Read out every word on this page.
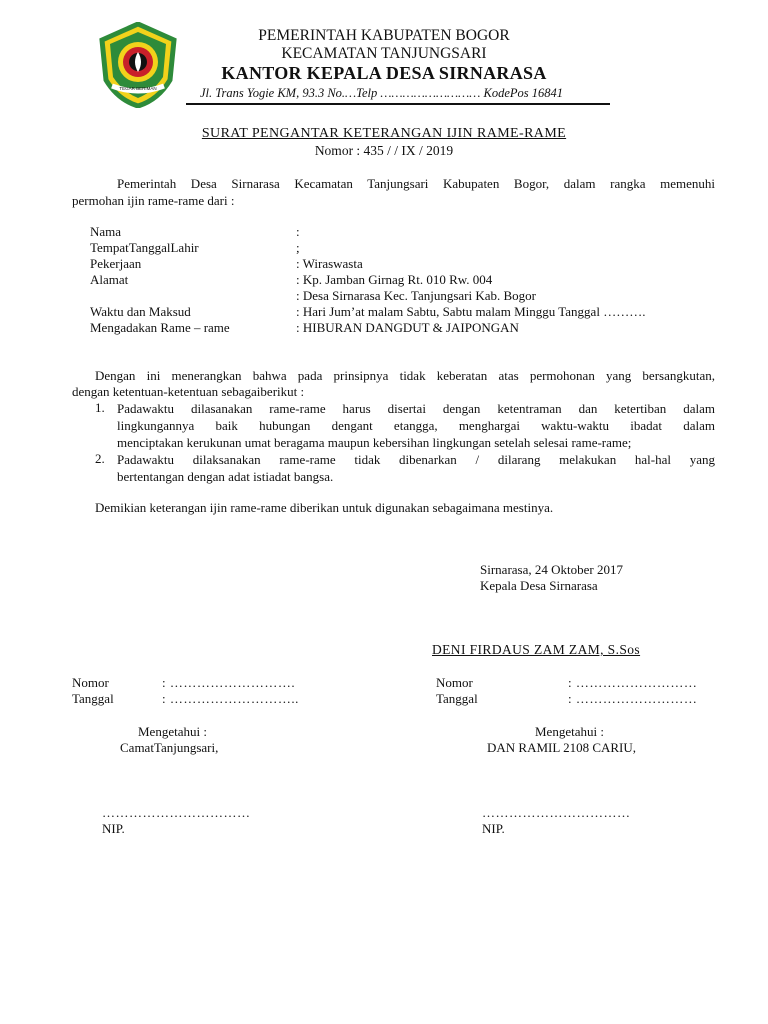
TEGAR BERIMAN
PEMERINTAH KABUPATEN BOGOR
KECAMATAN TANJUNGSARI
KANTOR KEPALA DESA SIRNARASA
Jl. Trans Yogie KM, 93.3 No.…Telp ……………………… KodePos 16841
SURAT PENGANTAR KETERANGAN IJIN RAME-RAME
Nomor : 435 / / IX / 2019
Pemerintah Desa Sirnarasa Kecamatan Tanjungsari Kabupaten Bogor, dalam rangka memenuhi
permohan ijin rame-rame dari :
Nama	:
TempatTanggalLahir	;
Pekerjaan	: Wiraswasta
Alamat	: Kp. Jamban Girnag Rt. 010 Rw. 004
: Desa Sirnarasa Kec. Tanjungsari Kab. Bogor
Waktu dan Maksud	: Hari Jum’at malam Sabtu, Sabtu malam Minggu Tanggal ……….
Mengadakan Rame – rame	: HIBURAN DANGDUT & JAIPONGAN
Dengan ini menerangkan bahwa pada prinsipnya tidak keberatan atas permohonan yang bersangkutan,
dengan ketentuan-ketentuan sebagaiberikut :
1. Padawaktu dilasanakan rame-rame harus disertai dengan ketentraman dan ketertiban dalam
lingkungannya baik hubungan dengant etangga, menghargai waktu-waktu ibadat dalam
menciptakan kerukunan umat beragama maupun kebersihan lingkungan setelah selesai rame-rame;
2. Padawaktu dilaksanakan rame-rame tidak dibenarkan / dilarang melakukan hal-hal yang
bertentangan dengan adat istiadat bangsa.
Demikian keterangan ijin rame-rame diberikan untuk digunakan sebagaimana mestinya.
Sirnarasa, 24 Oktober 2017
Kepala Desa Sirnarasa
DENI FIRDAUS ZAM ZAM, S.Sos
Nomor	: ……………………….
Tanggal	: ………………………..
Nomor	: ………………………
Tanggal	: ………………………
Mengetahui :
CamatTanjungsari,
……………………………
NIP.
Mengetahui :
DAN RAMIL 2108 CARIU,
……………………………
NIP.
